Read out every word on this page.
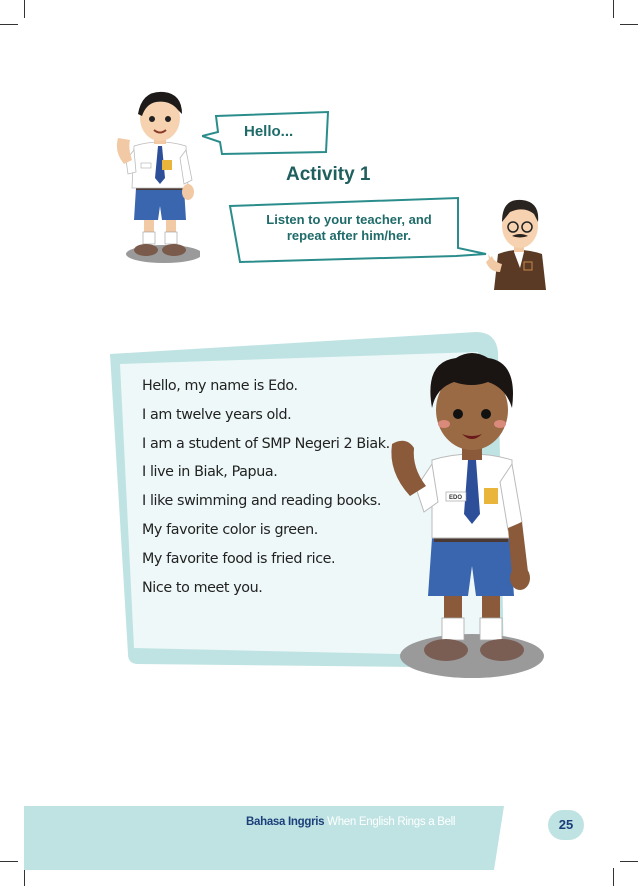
Hello...
Activity 1
Listen to your teacher, and
repeat after him/her.
Hello, my name is Edo.
I am twelve years old.
I am a student of SMP Negeri 2 Biak.
I live in Biak, Papua.
I like swimming and reading books.
My favorite color is green.
My favorite food is fried rice.
Nice to meet you.
EDO
Bahasa Inggris When English Rings a Bell	25
